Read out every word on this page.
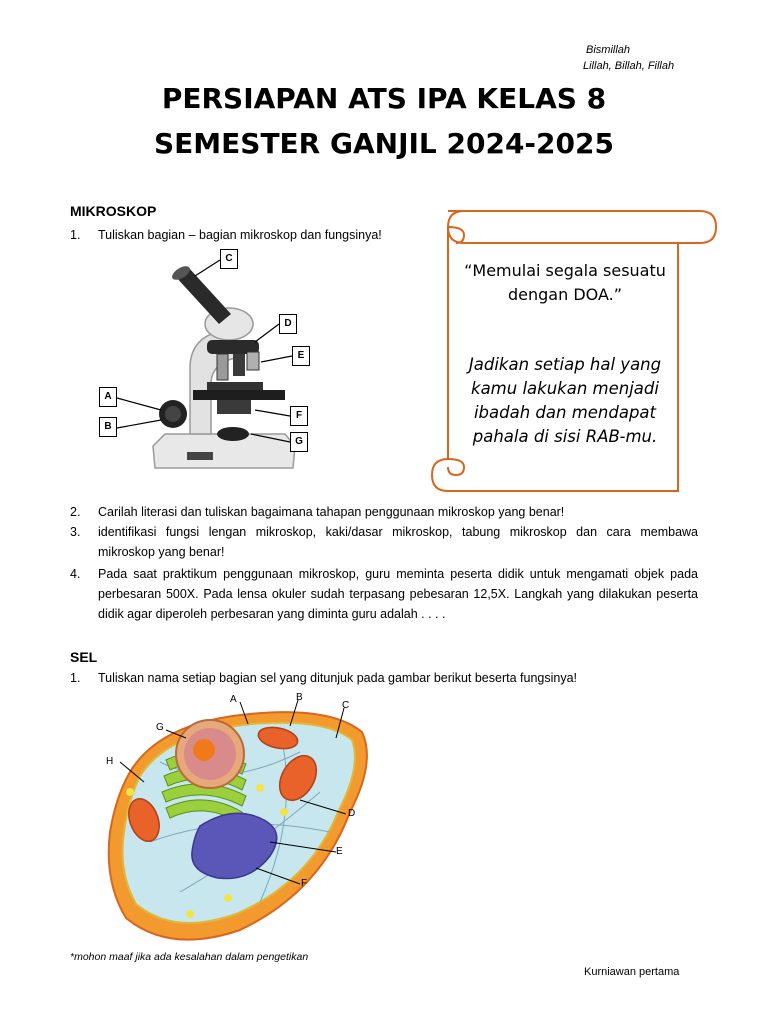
Bismillah
Lillah, Billah, Fillah
PERSIAPAN ATS IPA KELAS 8
SEMESTER GANJIL 2024-2025
MIKROSKOP
1. Tuliskan bagian – bagian mikroskop dan fungsinya!
C
D
E
A
B
F
G
“Memulai segala sesuatu dengan DOA.”
Jadikan setiap hal yang kamu lakukan menjadi ibadah dan mendapat pahala di sisi RAB-mu.
2. Carilah literasi dan tuliskan bagaimana tahapan penggunaan mikroskop yang benar!
3. identifikasi fungsi lengan mikroskop, kaki/dasar mikroskop, tabung mikroskop dan cara membawa mikroskop yang benar!
4. Pada saat praktikum penggunaan mikroskop, guru meminta peserta didik untuk mengamati objek pada perbesaran 500X. Pada lensa okuler sudah terpasang pebesaran 12,5X. Langkah yang dilakukan peserta didik agar diperoleh perbesaran yang diminta guru adalah . . . .
SEL
1. Tuliskan nama setiap bagian sel yang ditunjuk pada gambar berikut beserta fungsinya!
A	B
C
D
E
F
G
H
*mohon maaf jika ada kesalahan dalam pengetikan
Kurniawan pertama
